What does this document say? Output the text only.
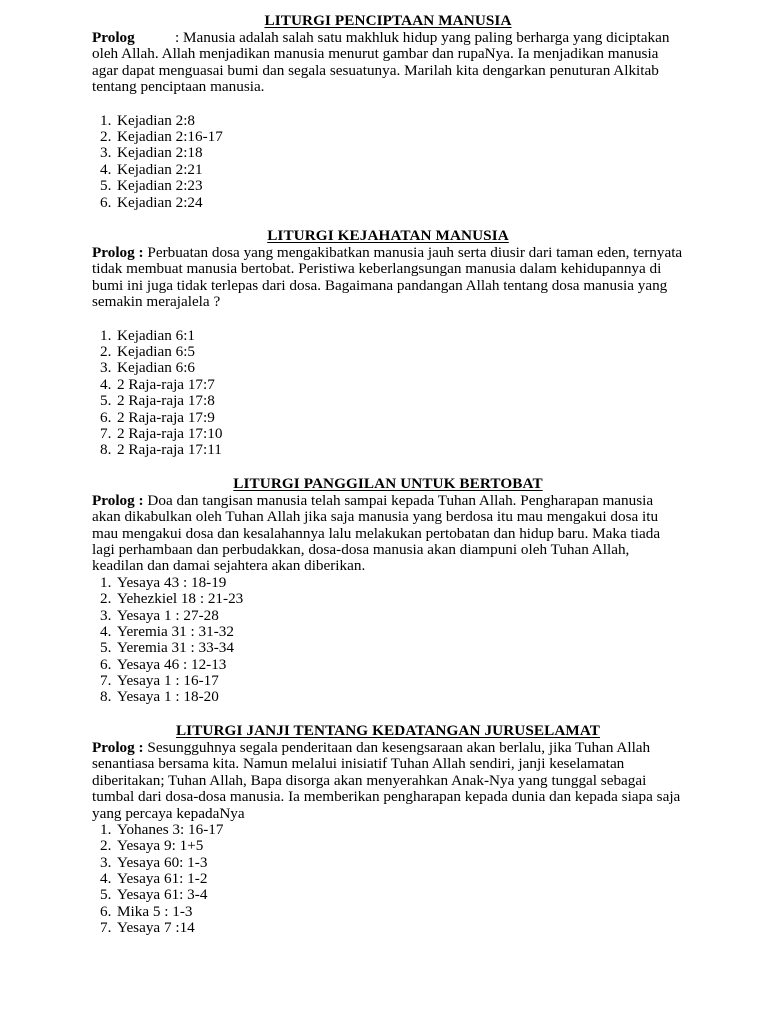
LITURGI PENCIPTAAN MANUSIA

Prolog	: Manusia adalah salah satu makhluk hidup yang paling berharga yang diciptakan oleh Allah. Allah menjadikan manusia menurut gambar dan rupaNya. Ia menjadikan manusia agar dapat menguasai bumi dan segala sesuatunya. Marilah kita dengarkan penuturan Alkitab tentang penciptaan manusia.

1. Kejadian 2:8
2. Kejadian 2:16-17
3. Kejadian 2:18
4. Kejadian 2:21
5. Kejadian 2:23
6. Kejadian 2:24

LITURGI KEJAHATAN MANUSIA

Prolog : Perbuatan dosa yang mengakibatkan manusia jauh serta diusir dari taman eden, ternyata tidak membuat manusia bertobat. Peristiwa keberlangsungan manusia dalam kehidupannya di bumi ini juga tidak terlepas dari dosa. Bagaimana pandangan Allah tentang dosa manusia yang semakin merajalela ?

1. Kejadian 6:1
2. Kejadian 6:5
3. Kejadian 6:6
4. 2 Raja-raja 17:7
5. 2 Raja-raja 17:8
6. 2 Raja-raja 17:9
7. 2 Raja-raja 17:10
8. 2 Raja-raja 17:11

LITURGI PANGGILAN UNTUK BERTOBAT

Prolog : Doa dan tangisan manusia telah sampai kepada Tuhan Allah. Pengharapan manusia akan dikabulkan oleh Tuhan Allah jika saja manusia yang berdosa itu mau mengakui dosa itu mau mengakui dosa dan kesalahannya lalu melakukan pertobatan dan hidup baru. Maka tiada lagi perhambaan dan perbudakkan, dosa-dosa manusia akan diampuni oleh Tuhan Allah, keadilan dan damai sejahtera akan diberikan.

1. Yesaya 43 : 18-19
2. Yehezkiel 18 : 21-23
3. Yesaya 1 : 27-28
4. Yeremia 31 : 31-32
5. Yeremia 31 : 33-34
6. Yesaya 46 : 12-13
7. Yesaya 1 : 16-17
8. Yesaya 1 : 18-20

LITURGI JANJI TENTANG KEDATANGAN JURUSELAMAT

Prolog : Sesungguhnya segala penderitaan dan kesengsaraan akan berlalu, jika Tuhan Allah senantiasa bersama kita. Namun melalui inisiatif Tuhan Allah sendiri, janji keselamatan diberitakan; Tuhan Allah, Bapa disorga akan menyerahkan Anak-Nya yang tunggal sebagai tumbal dari dosa-dosa manusia. Ia memberikan pengharapan kepada dunia dan kepada siapa saja yang percaya kepadaNya

1. Yohanes 3: 16-17
2. Yesaya 9: 1+5
3. Yesaya 60: 1-3
4. Yesaya 61: 1-2
5. Yesaya 61: 3-4
6. Mika 5 : 1-3
7. Yesaya 7 :14
